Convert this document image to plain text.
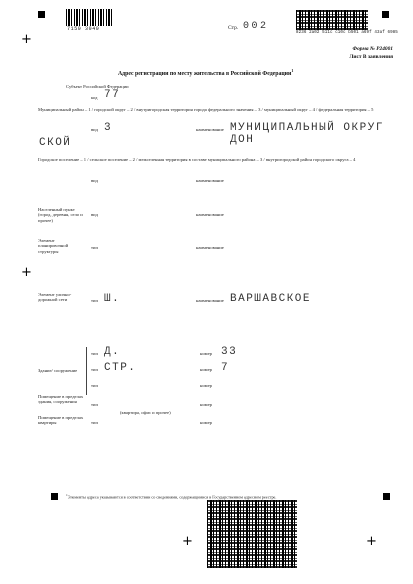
7150 3040	Стр. 002
8236 2a02 511c c10c b501 a69f 43af 6985
+
Форма № Р24001
Лист В заявления
Адрес регистрации по месту жительства в Российской Федерации$^1$
Субъект Российской Федерации
код 77
Муниципальный район – 1 / городской округ – 2 / внутригородская территория города федерального значения – 3 / муниципальный округ – 4 / федеральная территория – 5
вид 3	наименование МУНИЦИПАЛЬНЫЙ ОКРУГ ДОН
СКОЙ
Городское поселение – 1 / сельское поселение – 2 / межселенная территория в составе муниципального района – 3 / внутригородской район городского округа – 4
вид	наименование
Населенный пункт (город, деревня, село и прочее)
вид	наименование
Элемент планировочной структуры
тип	наименование
+
Элемент улично-дорожной сети	тип Ш.	наименование ВАРШАВСКОЕ
Здание/ сооружение
тип Д.	номер 33
тип СТР.	номер 7
тип	номер
Помещение в пределах здания, сооружения
тип
(квартира, офис и прочее)
номер
Помещение в пределах квартиры	тип	номер
$^1$Элементы адреса указываются в соответствии со сведениями, содержащимися в Государственном адресном реестре.
+	+
